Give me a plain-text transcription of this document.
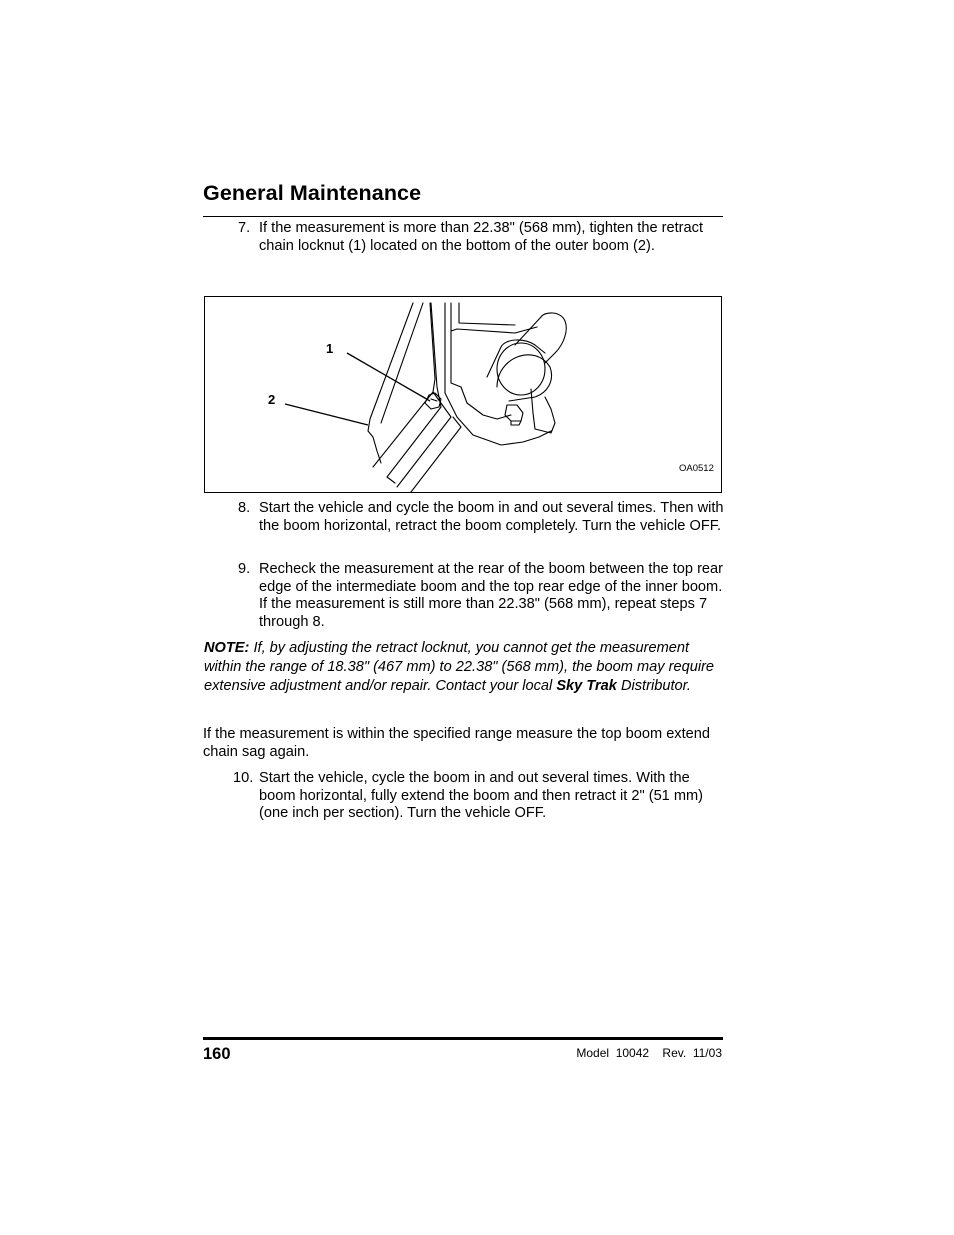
General Maintenance
7. If the measurement is more than 22.38" (568 mm), tighten the retract chain locknut (1) located on the bottom of the outer boom (2).
1
2
OA0512
8. Start the vehicle and cycle the boom in and out several times. Then with the boom horizontal, retract the boom completely. Turn the vehicle OFF.
9. Recheck the measurement at the rear of the boom between the top rear edge of the intermediate boom and the top rear edge of the inner boom. If the measurement is still more than 22.38" (568 mm), repeat steps 7 through 8.
NOTE: If, by adjusting the retract locknut, you cannot get the measurement within the range of 18.38" (467 mm) to 22.38" (568 mm), the boom may require extensive adjustment and/or repair. Contact your local Sky Trak Distributor.
If the measurement is within the specified range measure the top boom extend chain sag again.
10. Start the vehicle, cycle the boom in and out several times. With the boom horizontal, fully extend the boom and then retract it 2" (51 mm) (one inch per section). Turn the vehicle OFF.
160	Model  10042    Rev.  11/03
